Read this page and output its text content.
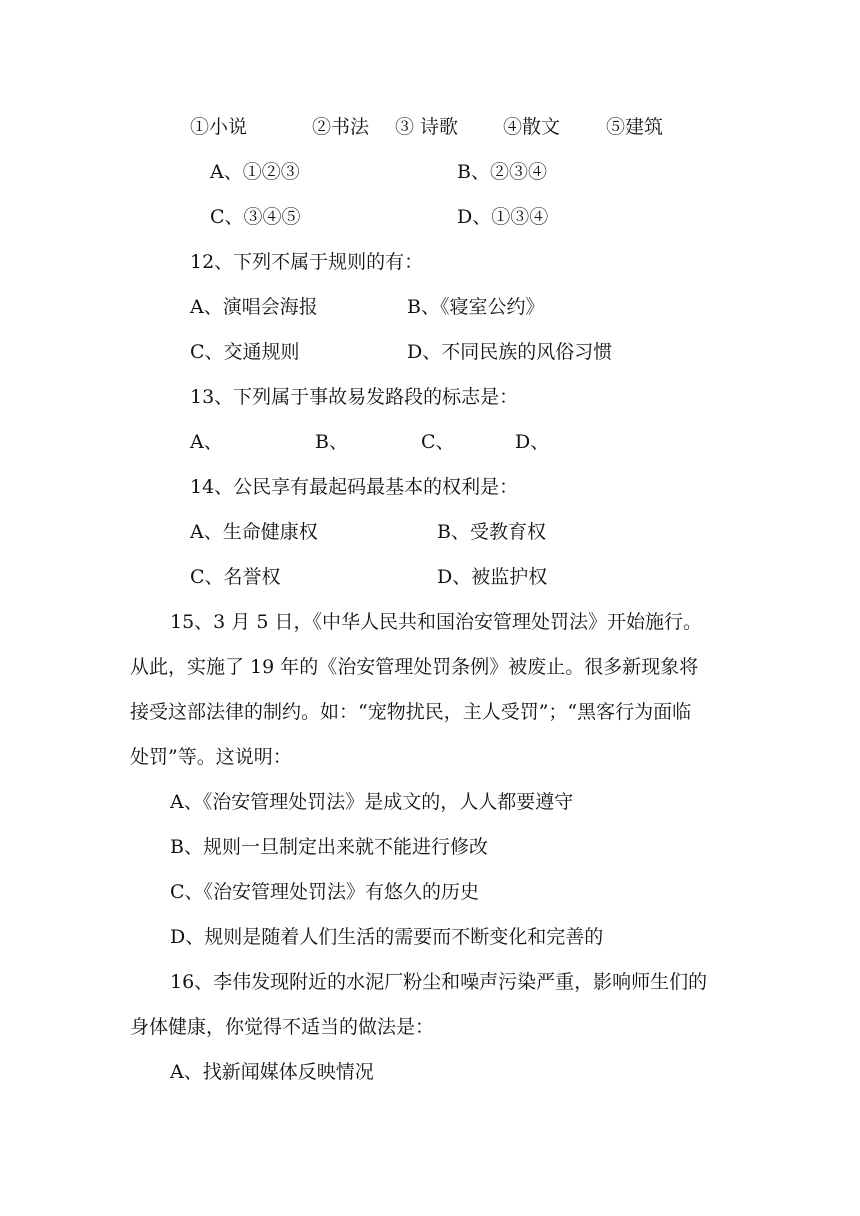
①小说	②书法 ③ 诗歌 ④散文 ⑤建筑
A、①②③	B、②③④
C、③④⑤	D、①③④
12、下列不属于规则的有：
A、演唱会海报	B、《寝室公约》
C、交通规则	D、不同民族的风俗习惯
13、下列属于事故易发路段的标志是：
A、	B、	C、	D、
14、公民享有最起码最基本的权利是：
A、生命健康权	B、受教育权
C、名誉权	D、被监护权
15、3 月 5 日，《中华人民共和国治安管理处罚法》开始施行。
从此，实施了 19 年的《治安管理处罚条例》被废止。很多新现象将
接受这部法律的制约。如：“宠物扰民，主人受罚”；“黑客行为面临
处罚”等。这说明：
A、《治安管理处罚法》是成文的，人人都要遵守
B、规则一旦制定出来就不能进行修改
C、《治安管理处罚法》有悠久的历史
D、规则是随着人们生活的需要而不断变化和完善的
16、李伟发现附近的水泥厂粉尘和噪声污染严重，影响师生们的
身体健康，你觉得不适当的做法是：
A、找新闻媒体反映情况
